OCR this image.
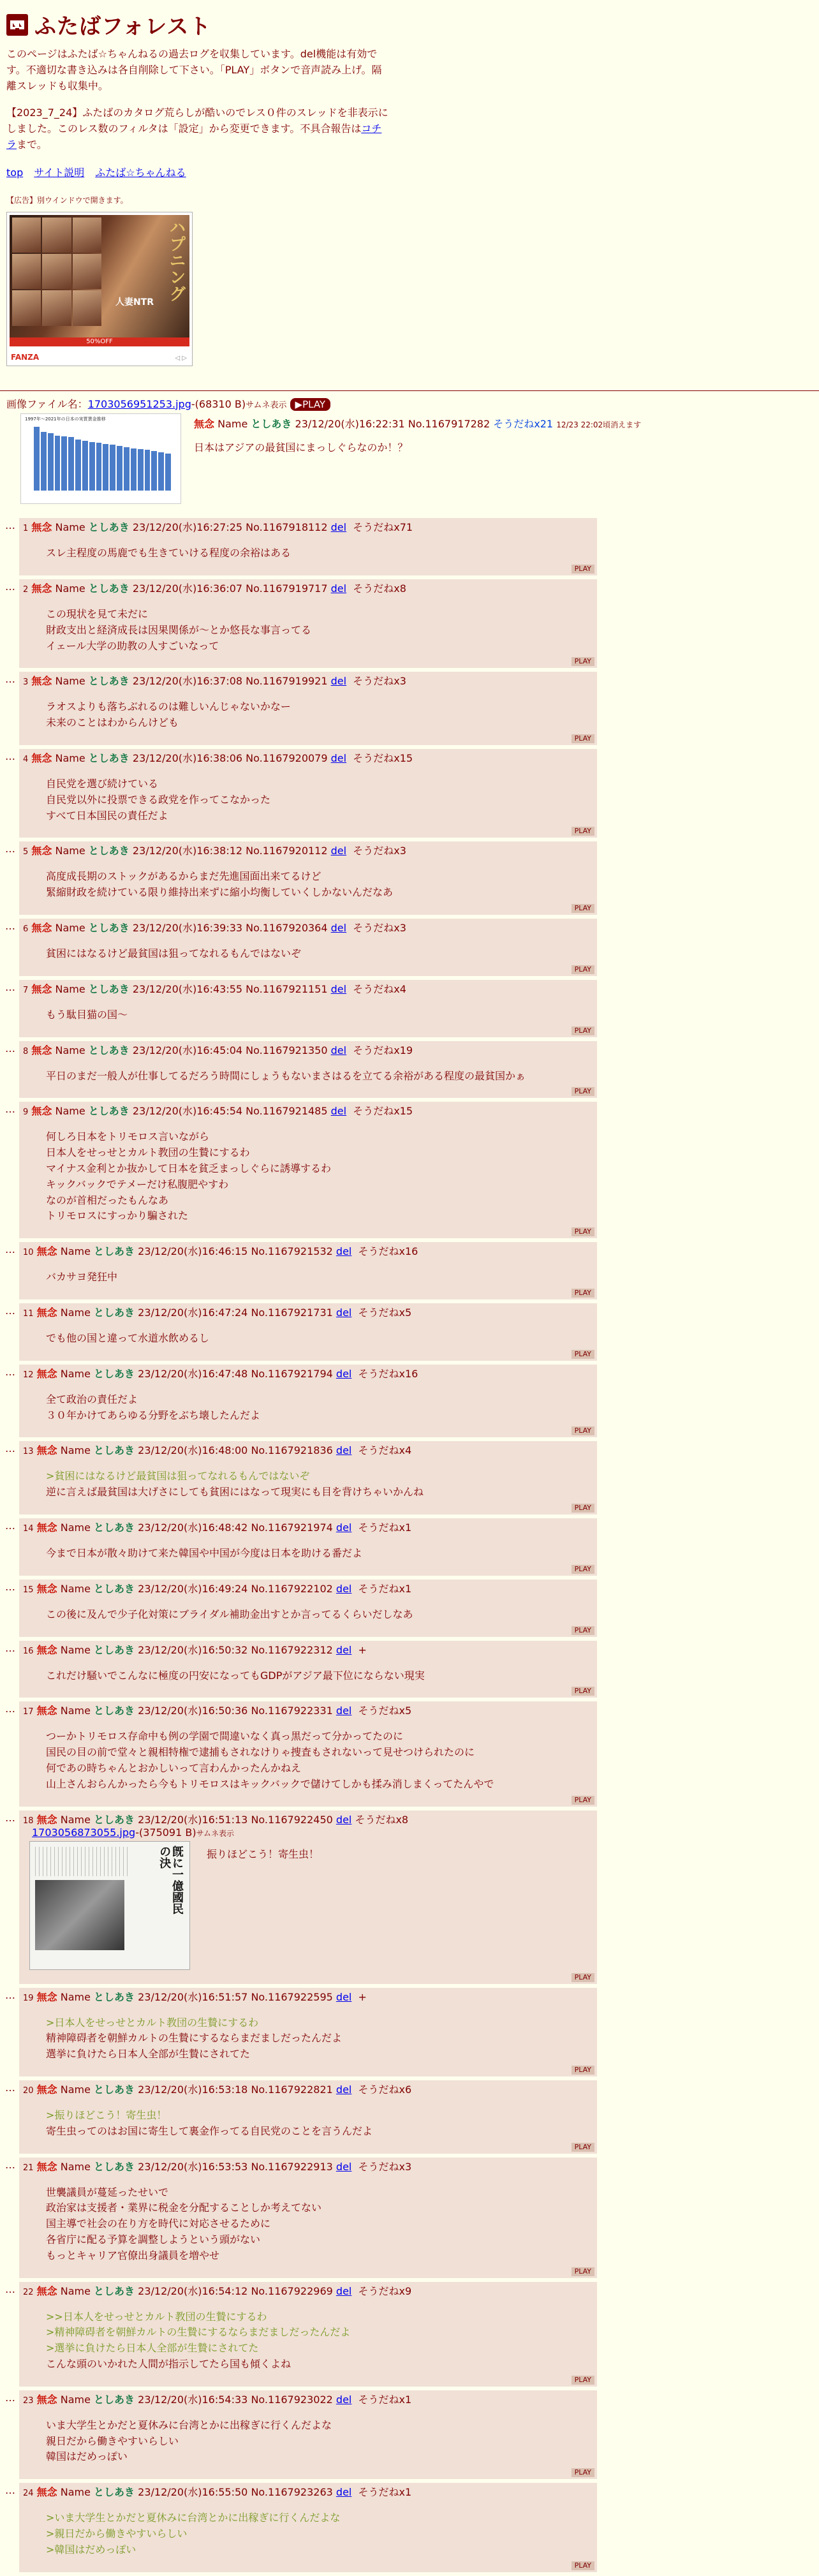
ふたばフォレスト

このページはふたば☆ちゃんねるの過去ログを収集しています。del機能は有効です。不適切な書き込みは各自削除して下さい。「PLAY」ボタンで音声読み上げ。隔離スレッドも収集中。

【2023_7_24】ふたばのカタログ荒らしが酷いのでレス０件のスレッドを非表示にしました。このレス数のフィルタは「設定」から変更できます。不具合報告はコチラまで。

top サイト説明 ふたば☆ちゃんねる
【広告】別ウインドウで開きます。
ハプニング
人妻NTR
50%OFF
FANZA	◁ ▷
画像ファイル名：1703056951253.jpg-(68310 B)サムネ表示 ▶PLAY
1997年〜2021年の日本の実質賃金推移	無念 Name としあき 23/12/20(水)16:22:31 No.1167917282 そうだねx21 12/23 22:02頃消えます
日本はアジアの最貧国にまっしぐらなのか！？
… 1 無念 Name としあき 23/12/20(水)16:27:25 No.1167918112 del そうだねx71
スレ主程度の馬鹿でも生きていける程度の余裕はある
PLAY
… 2 無念 Name としあき 23/12/20(水)16:36:07 No.1167919717 del そうだねx8
この現状を見て未だに
財政支出と経済成長は因果関係が〜とか悠長な事言ってる
イェール大学の助教の人すごいなって
PLAY
… 3 無念 Name としあき 23/12/20(水)16:37:08 No.1167919921 del そうだねx3
ラオスよりも落ちぶれるのは難しいんじゃないかなー
未来のことはわからんけども
PLAY
… 4 無念 Name としあき 23/12/20(水)16:38:06 No.1167920079 del そうだねx15
自民党を選び続けている
自民党以外に投票できる政党を作ってこなかった
すべて日本国民の責任だよ
PLAY
… 5 無念 Name としあき 23/12/20(水)16:38:12 No.1167920112 del そうだねx3
高度成長期のストックがあるからまだ先進国面出来てるけど
緊縮財政を続けている限り維持出来ずに縮小均衡していくしかないんだなあ
PLAY
… 6 無念 Name としあき 23/12/20(水)16:39:33 No.1167920364 del そうだねx3
貧困にはなるけど最貧国は狙ってなれるもんではないぞ
PLAY
… 7 無念 Name としあき 23/12/20(水)16:43:55 No.1167921151 del そうだねx4
もう駄目猫の国〜
PLAY
… 8 無念 Name としあき 23/12/20(水)16:45:04 No.1167921350 del そうだねx19
平日のまだ一般人が仕事してるだろう時間にしょうもないまさはるを立てる余裕がある程度の最貧国かぁ
PLAY
… 9 無念 Name としあき 23/12/20(水)16:45:54 No.1167921485 del そうだねx15
何しろ日本をトリモロス言いながら
日本人をせっせとカルト教団の生贄にするわ
マイナス金利とか抜かして日本を貧乏まっしぐらに誘導するわ
キックバックでテメーだけ私腹肥やすわ
なのが首相だったもんなあ
トリモロスにすっかり騙された
PLAY
… 10 無念 Name としあき 23/12/20(水)16:46:15 No.1167921532 del そうだねx16
バカサヨ発狂中
PLAY
… 11 無念 Name としあき 23/12/20(水)16:47:24 No.1167921731 del そうだねx5
でも他の国と違って水道水飲めるし
PLAY
… 12 無念 Name としあき 23/12/20(水)16:47:48 No.1167921794 del そうだねx16
全て政治の責任だよ
３０年かけてあらゆる分野をぶち壊したんだよ
PLAY
… 13 無念 Name としあき 23/12/20(水)16:48:00 No.1167921836 del そうだねx4
>貧困にはなるけど最貧国は狙ってなれるもんではないぞ
逆に言えば最貧国は大げさにしても貧困にはなって現実にも目を背けちゃいかんね
PLAY
… 14 無念 Name としあき 23/12/20(水)16:48:42 No.1167921974 del そうだねx1
今まで日本が散々助けて来た韓国や中国が今度は日本を助ける番だよ
PLAY
… 15 無念 Name としあき 23/12/20(水)16:49:24 No.1167922102 del そうだねx1
この後に及んで少子化対策にブライダル補助金出すとか言ってるくらいだしなあ
PLAY
… 16 無念 Name としあき 23/12/20(水)16:50:32 No.1167922312 del +
これだけ騒いでこんなに極度の円安になってもGDPがアジア最下位にならない現実
PLAY
… 17 無念 Name としあき 23/12/20(水)16:50:36 No.1167922331 del そうだねx5
つーかトリモロス存命中も例の学園で間違いなく真っ黒だって分かってたのに
国民の目の前で堂々と親相特権で逮捕もされなけりゃ捜査もされないって見せつけられたのに
何であの時ちゃんとおかしいって言わんかったんかねえ
山上さんおらんかったら今もトリモロスはキックバックで儲けてしかも揉み消しまくってたんやで
PLAY
… 18 無念 Name としあき 23/12/20(水)16:51:13 No.1167922450 del そうだねx8
1703056873055.jpg-(375091 B)サムネ表示
旣に一億國民の決	振りほどこう！寄生虫！
PLAY
… 19 無念 Name としあき 23/12/20(水)16:51:57 No.1167922595 del +
>日本人をせっせとカルト教団の生贄にするわ
精神障碍者を朝鮮カルトの生贄にするならまだましだったんだよ
選挙に負けたら日本人全部が生贄にされてた
PLAY
… 20 無念 Name としあき 23/12/20(水)16:53:18 No.1167922821 del そうだねx6
>振りほどこう！寄生虫！
寄生虫ってのはお国に寄生して裏金作ってる自民党のことを言うんだよ
PLAY
… 21 無念 Name としあき 23/12/20(水)16:53:53 No.1167922913 del そうだねx3
世襲議員が蔓延ったせいで
政治家は支援者・業界に税金を分配することしか考えてない
国主導で社会の在り方を時代に対応させるために
各省庁に配る予算を調整しようという頭がない
もっとキャリア官僚出身議員を増やせ
PLAY
… 22 無念 Name としあき 23/12/20(水)16:54:12 No.1167922969 del そうだねx9
>>日本人をせっせとカルト教団の生贄にするわ
>精神障碍者を朝鮮カルトの生贄にするならまだましだったんだよ
>選挙に負けたら日本人全部が生贄にされてた
こんな頭のいかれた人間が指示してたら国も傾くよね
PLAY
… 23 無念 Name としあき 23/12/20(水)16:54:33 No.1167923022 del そうだねx1
いま大学生とかだと夏休みに台湾とかに出稼ぎに行くんだよな
親日だから働きやすいらしい
韓国はだめっぽい
PLAY
… 24 無念 Name としあき 23/12/20(水)16:55:50 No.1167923263 del そうだねx1
>いま大学生とかだと夏休みに台湾とかに出稼ぎに行くんだよな
>親日だから働きやすいらしい
>韓国はだめっぽい
PLAY
